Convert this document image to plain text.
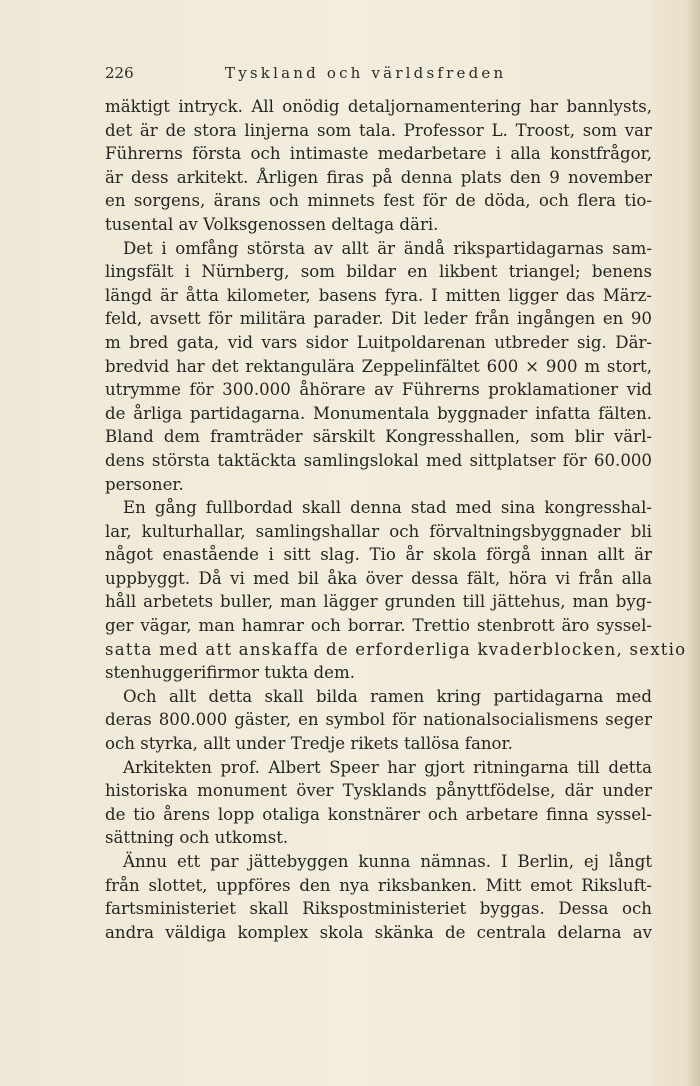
226	Tyskland och världsfreden
mäktigt intryck. All onödig detaljornamentering har bannlysts,
det är de stora linjerna som tala. Professor L. Troost, som var
Führerns första och intimaste medarbetare i alla konstfrågor,
är dess arkitekt. Årligen firas på denna plats den 9 november
en sorgens, ärans och minnets fest för de döda, och flera tio-
tusental av Volksgenossen deltaga däri.
Det i omfång största av allt är ändå rikspartidagarnas sam-
lingsfält i Nürnberg, som bildar en likbent triangel; benens
längd är åtta kilometer, basens fyra. I mitten ligger das März-
feld, avsett för militära parader. Dit leder från ingången en 90
m bred gata, vid vars sidor Luitpoldarenan utbreder sig. Där-
bredvid har det rektangulära Zeppelinfältet 600 × 900 m stort,
utrymme för 300.000 åhörare av Führerns proklamationer vid
de årliga partidagarna. Monumentala byggnader infatta fälten.
Bland dem framträder särskilt Kongresshallen, som blir värl-
dens största taktäckta samlingslokal med sittplatser för 60.000
personer.
En gång fullbordad skall denna stad med sina kongresshal-
lar, kulturhallar, samlingshallar och förvaltningsbyggnader bli
något enastående i sitt slag. Tio år skola förgå innan allt är
uppbyggt. Då vi med bil åka över dessa fält, höra vi från alla
håll arbetets buller, man lägger grunden till jättehus, man byg-
ger vägar, man hamrar och borrar. Trettio stenbrott äro syssel-
satta med att anskaffa de erforderliga kvaderblocken, sextio
stenhuggerifirmor tukta dem.
Och allt detta skall bilda ramen kring partidagarna med
deras 800.000 gäster, en symbol för nationalsocialismens seger
och styrka, allt under Tredje rikets tallösa fanor.
Arkitekten prof. Albert Speer har gjort ritningarna till detta
historiska monument över Tysklands pånyttfödelse, där under
de tio årens lopp otaliga konstnärer och arbetare finna syssel-
sättning och utkomst.
Ännu ett par jättebyggen kunna nämnas. I Berlin, ej långt
från slottet, uppföres den nya riksbanken. Mitt emot Riksluft-
fartsministeriet skall Rikspostministeriet byggas. Dessa och
andra väldiga komplex skola skänka de centrala delarna av
